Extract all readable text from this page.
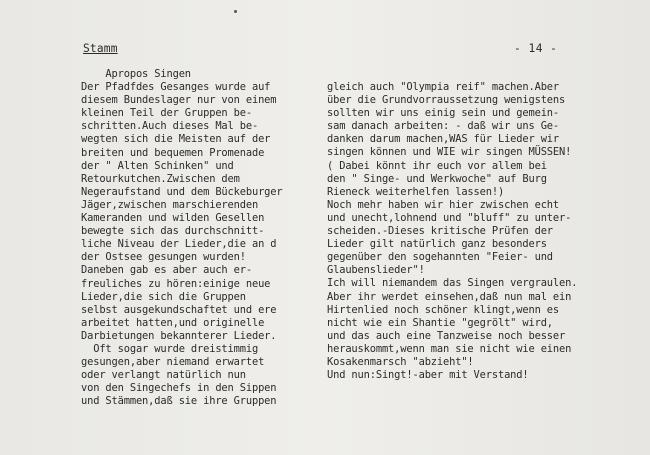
Stamm	- 14 -
Apropos Singen
Der Pfadfdes Gesanges wurde auf
diesem Bundeslager nur von einem
kleinen Teil der Gruppen be-
schritten.Auch dieses Mal be-
wegten sich die Meisten auf der
breiten und bequemen Promenade
der " Alten Schinken" und
Retourkutchen.Zwischen dem
Negeraufstand und dem Bückeburger
Jäger,zwischen marschierenden
Kameranden und wilden Gesellen
bewegte sich das durchschnitt-
liche Niveau der Lieder,die an d
der Ostsee gesungen wurden!
Daneben gab es aber auch er-
freuliches zu hören:einige neue
Lieder,die sich die Gruppen
selbst ausgekundschaftet und ere
arbeitet hatten,und originelle
Darbietungen bekannterer Lieder.
Oft sogar wurde dreistimmig
gesungen,aber niemand erwartet
oder verlangt natürlich nun
von den Singechefs in den Sippen
und Stämmen,daß sie ihre Gruppen
gleich auch "Olympia reif" machen.Aber
über die Grundvorraussetzung wenigstens
sollten wir uns einig sein und gemein-
sam danach arbeiten: - daß wir uns Ge-
danken darum machen,WAS für Lieder wir
singen können und WIE wir singen MÜSSEN!
( Dabei könnt ihr euch vor allem bei
den " Singe- und Werkwoche" auf Burg
Rieneck weiterhelfen lassen!)
Noch mehr haben wir hier zwischen echt
und unecht,lohnend und "bluff" zu unter-
scheiden.-Dieses kritische Prüfen der
Lieder gilt natürlich ganz besonders
gegenüber den sogehannten "Feier- und
Glaubenslieder"!
Ich will niemandem das Singen vergraulen.
Aber ihr werdet einsehen,daß nun mal ein
Hirtenlied noch schöner klingt,wenn es
nicht wie ein Shantie "gegrölt" wird,
und das auch eine Tanzweise noch besser
herauskommt,wenn man sie nicht wie einen
Kosakenmarsch "abzieht"!
Und nun:Singt!-aber mit Verstand!
